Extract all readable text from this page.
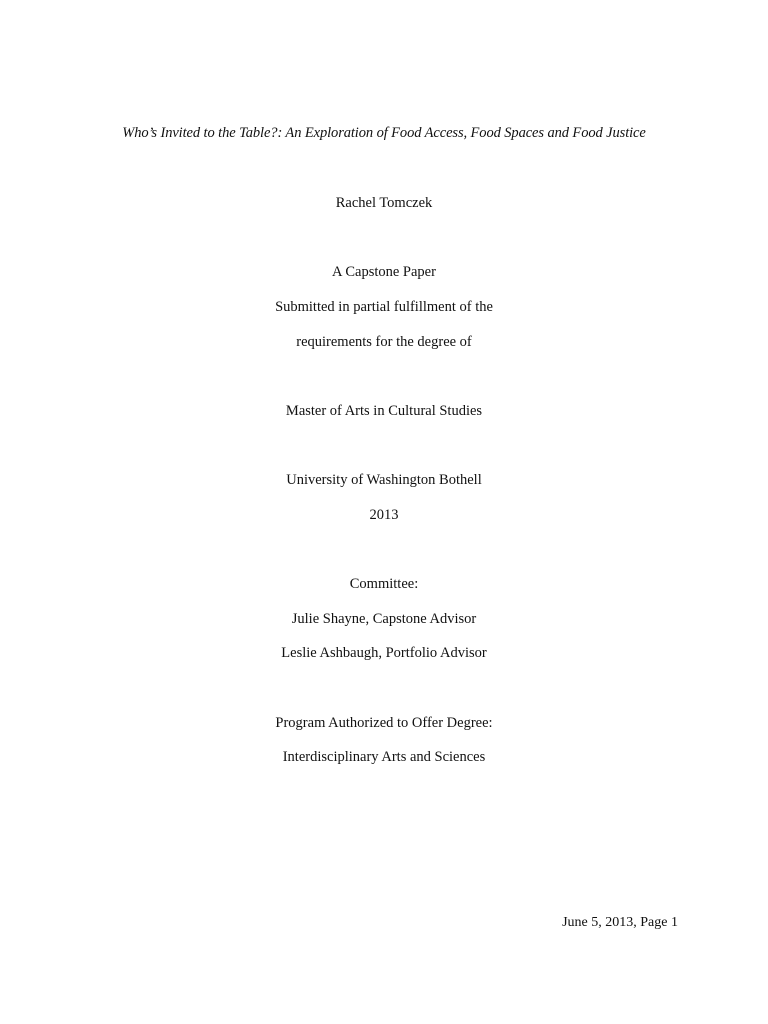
Who’s Invited to the Table?: An Exploration of Food Access, Food Spaces and Food Justice
Rachel Tomczek
A Capstone Paper
Submitted in partial fulfillment of the
requirements for the degree of
Master of Arts in Cultural Studies
University of Washington Bothell
2013
Committee:
Julie Shayne, Capstone Advisor
Leslie Ashbaugh, Portfolio Advisor
Program Authorized to Offer Degree:
Interdisciplinary Arts and Sciences
June 5, 2013, Page 1
